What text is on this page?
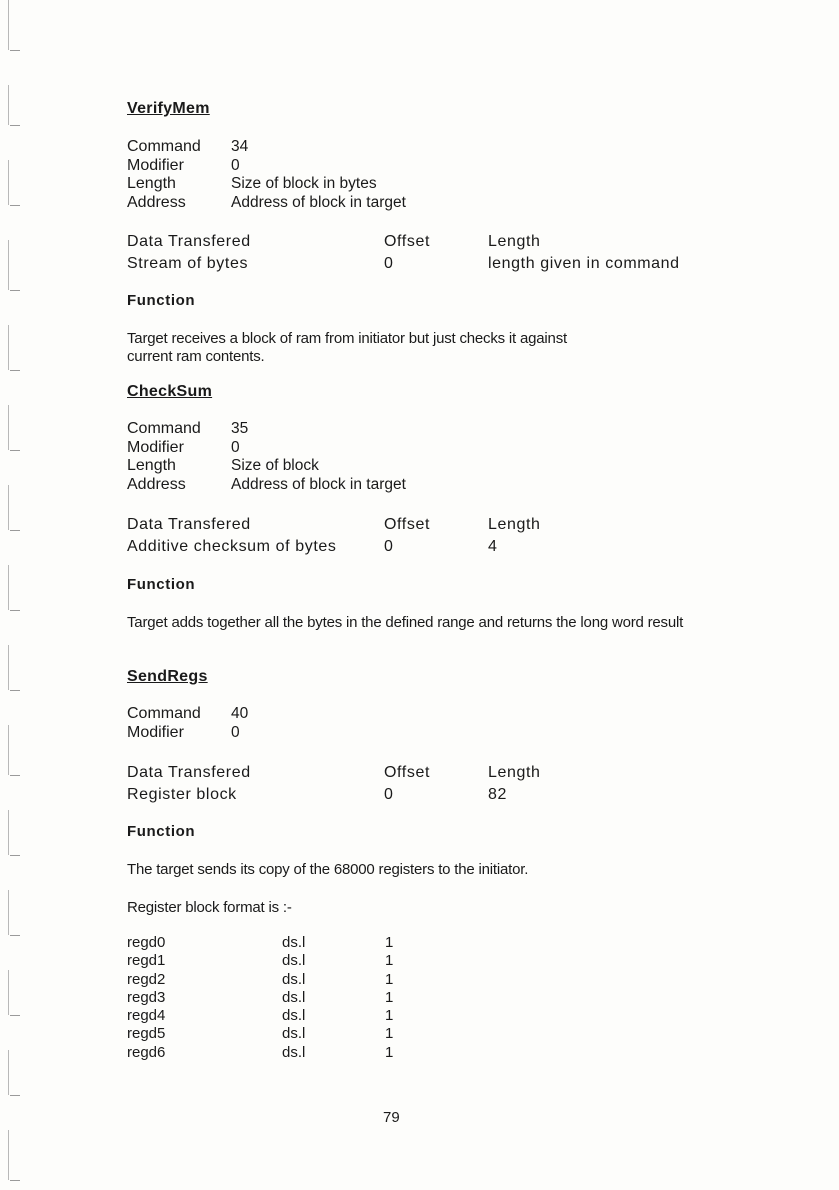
VerifyMem
Command 34
Modifier	0
Length	Size of block in bytes
Address	Address of block in target
Data Transfered	Offset	Length
Stream of bytes	0	length given in command
Function
Target receives a block of ram from initiator but just checks it against current ram contents.
CheckSum
Command 35
Modifier	0
Length	Size of block
Address	Address of block in target
Data Transfered	Offset	Length
Additive checksum of bytes	0	4
Function
Target adds together all the bytes in the defined range and returns the long word result
SendRegs
Command 40
Modifier	0
Data Transfered	Offset	Length
Register block	0	82
Function
The target sends its copy of the 68000 registers to the initiator.
Register block format is :-
regd0	ds.l	1
regd1	ds.l	1
regd2	ds.l	1
regd3	ds.l	1
regd4	ds.l	1
regd5	ds.l	1
regd6	ds.l	1
79
